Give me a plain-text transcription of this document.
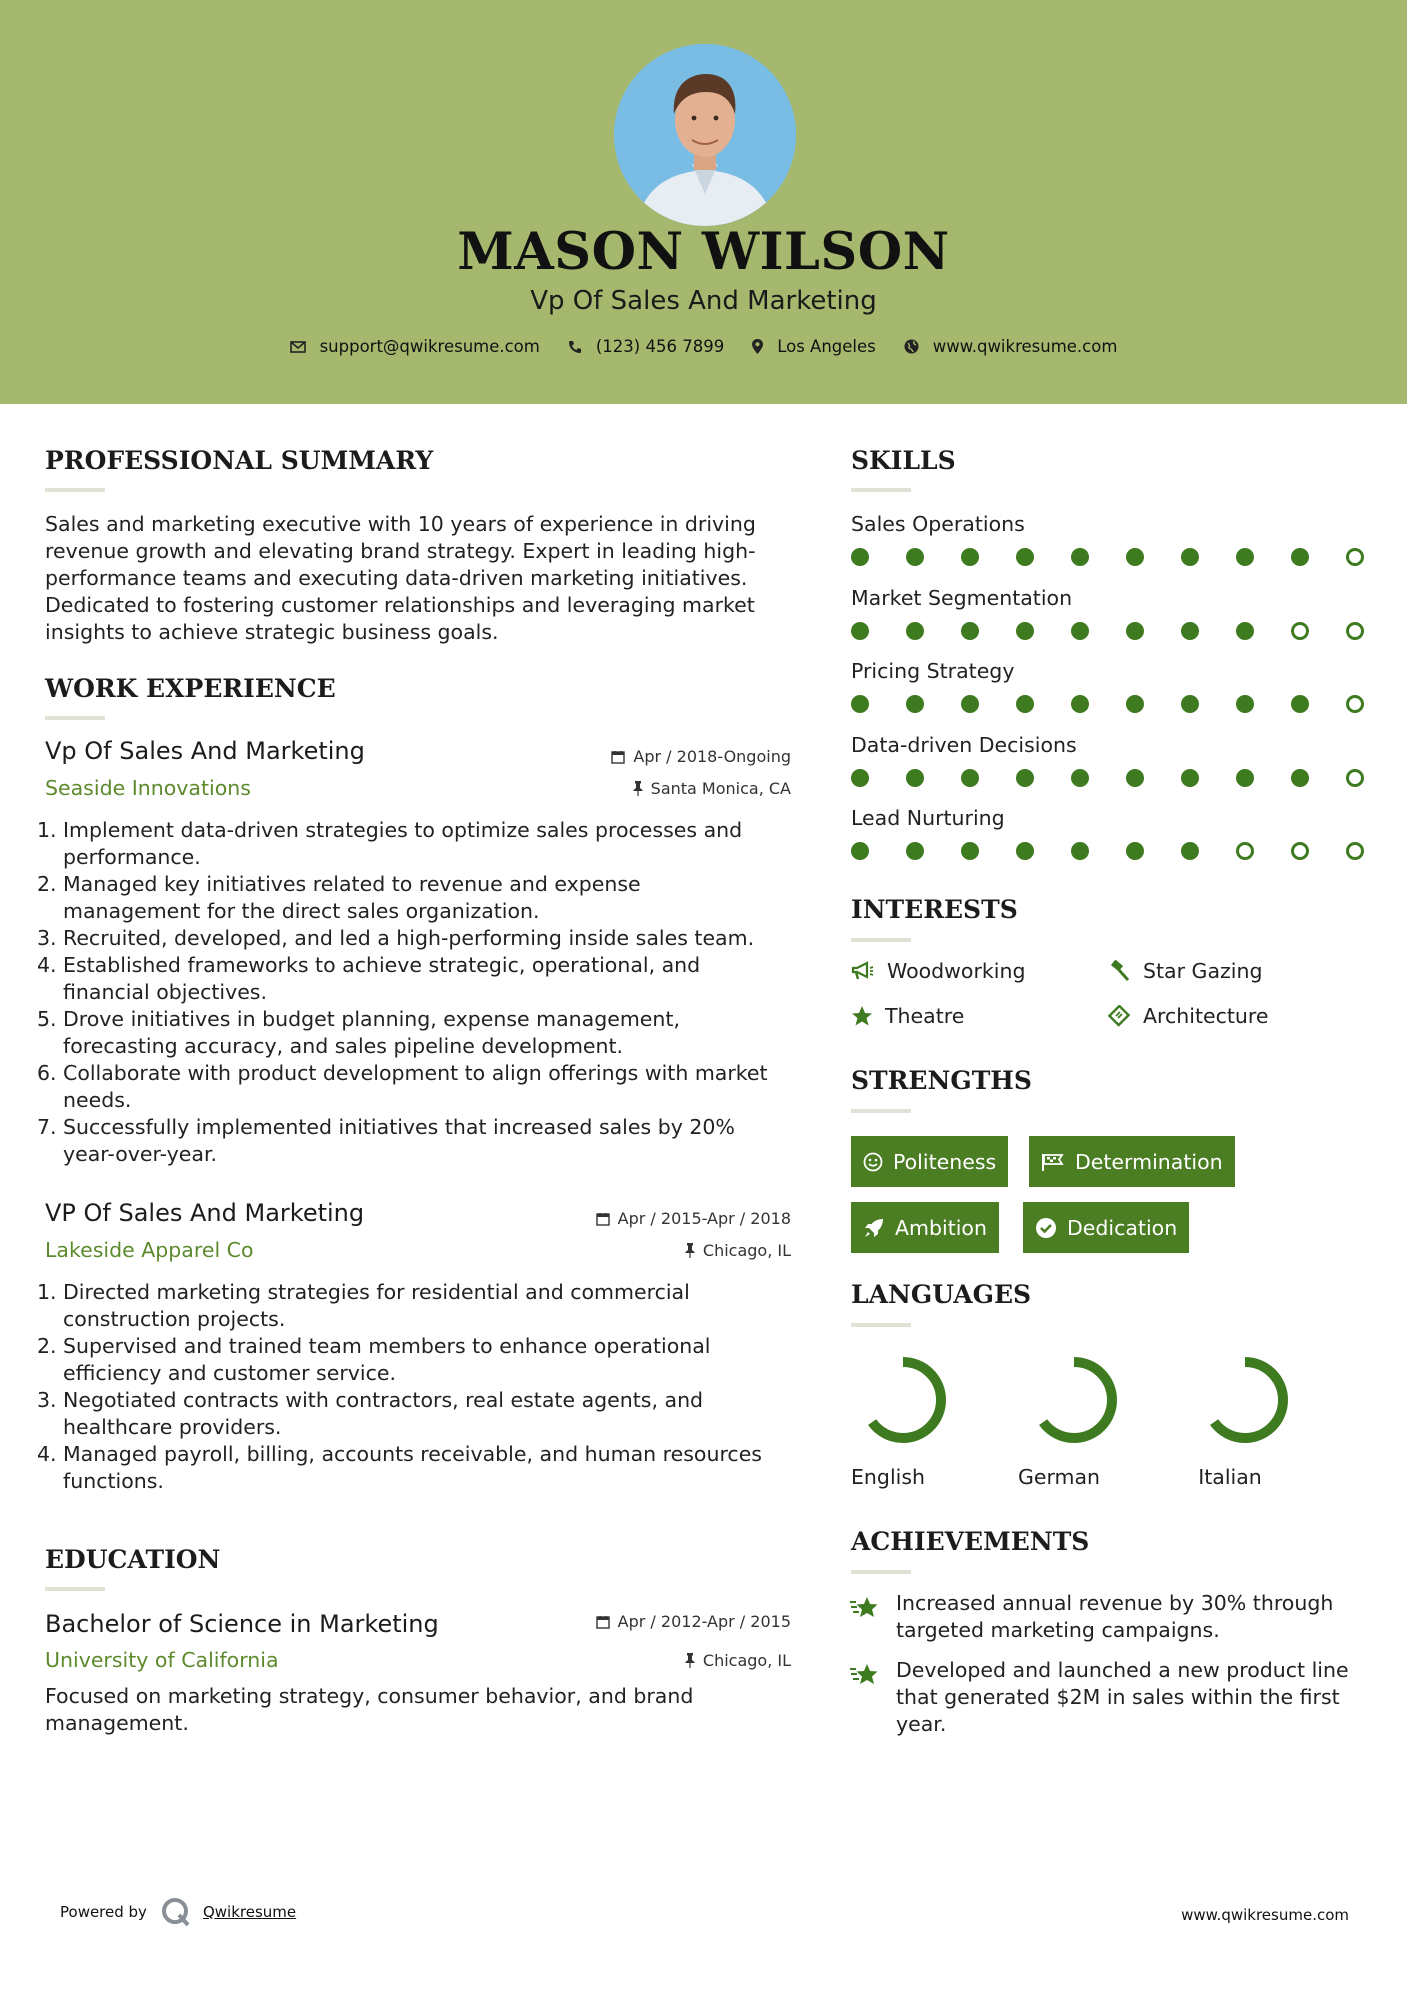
MASON WILSON
Vp Of Sales And Marketing
support@qwikresume.com	(123) 456 7899	Los Angeles	www.qwikresume.com
PROFESSIONAL SUMMARY
Sales and marketing executive with 10 years of experience in driving
revenue growth and elevating brand strategy. Expert in leading high-
performance teams and executing data-driven marketing initiatives.
Dedicated to fostering customer relationships and leveraging market
insights to achieve strategic business goals.
WORK EXPERIENCE
Vp Of Sales And Marketing	Apr / 2018-Ongoing
Seaside Innovations	Santa Monica, CA
1. Implement data-driven strategies to optimize sales processes and
performance.
2. Managed key initiatives related to revenue and expense
management for the direct sales organization.
3. Recruited, developed, and led a high-performing inside sales team.
4. Established frameworks to achieve strategic, operational, and
financial objectives.
5. Drove initiatives in budget planning, expense management,
forecasting accuracy, and sales pipeline development.
6. Collaborate with product development to align offerings with market
needs.
7. Successfully implemented initiatives that increased sales by 20%
year-over-year.
VP Of Sales And Marketing	Apr / 2015-Apr / 2018
Lakeside Apparel Co	Chicago, IL
1. Directed marketing strategies for residential and commercial
construction projects.
2. Supervised and trained team members to enhance operational
efficiency and customer service.
3. Negotiated contracts with contractors, real estate agents, and
healthcare providers.
4. Managed payroll, billing, accounts receivable, and human resources
functions.
EDUCATION
Bachelor of Science in Marketing	Apr / 2012-Apr / 2015
University of California	Chicago, IL
Focused on marketing strategy, consumer behavior, and brand
management.
SKILLS
Sales Operations
Market Segmentation
Pricing Strategy
Data-driven Decisions
Lead Nurturing
INTERESTS
Woodworking	Star Gazing
Theatre	Architecture
STRENGTHS
Politeness	Determination
Ambition	Dedication
LANGUAGES
English	German	Italian
ACHIEVEMENTS
Increased annual revenue by 30% through
targeted marketing campaigns.
Developed and launched a new product line
that generated $2M in sales within the first
year.
Powered by	Qwikresume	www.qwikresume.com
